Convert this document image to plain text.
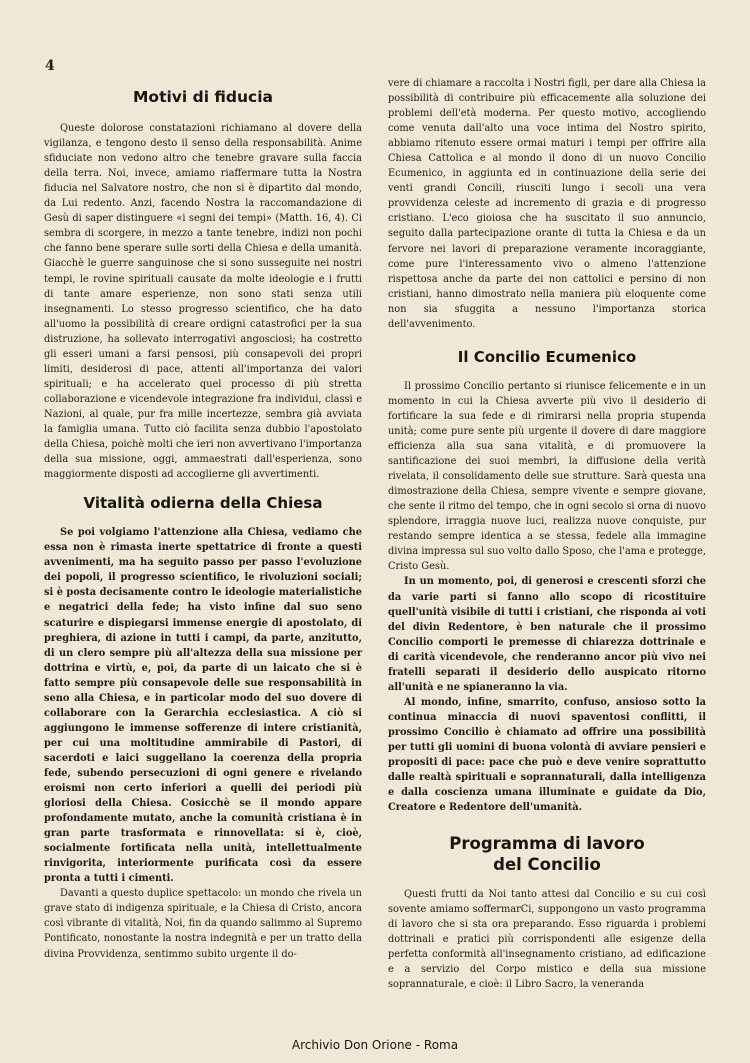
4
Motivi di fiducia

Queste dolorose constatazioni richiamano al dovere della vigilanza, e tengono desto il senso della responsabilità. Anime sfiduciate non vedono altro che tenebre gravare sulla faccia della terra. Noi, invece, amiamo riaffermare tutta la Nostra fiducia nel Salvatore nostro, che non si è dipartito dal mondo, da Lui redento. Anzi, facendo Nostra la raccomandazione di Gesù di saper distinguere «i segni dei tempi» (Matth. 16, 4). Ci sembra di scorgere, in mezzo a tante tenebre, indizi non pochi che fanno bene sperare sulle sorti della Chiesa e della umanità. Giacchè le guerre sanguinose che si sono susseguite nei nostri tempi, le rovine spirituali causate da molte ideologie e i frutti di tante amare esperienze, non sono stati senza utili insegnamenti. Lo stesso progresso scientifico, che ha dato all'uomo la possibilità di creare ordigni catastrofici per la sua distruzione, ha sollevato interrogativi angosciosi; ha costretto gli esseri umani a farsi pensosi, più consapevoli dei propri limiti, desiderosi di pace, attenti all'importanza dei valori spirituali; e ha accelerato quel processo di più stretta collaborazione e vicendevole integrazione fra individui, classi e Nazioni, al quale, pur fra mille incertezze, sembra già avviata la famiglia umana. Tutto ciò facilita senza dubbio l'apostolato della Chiesa, poichè molti che ieri non avvertivano l'importanza della sua missione, oggi, ammaestrati dall'esperienza, sono maggiormente disposti ad accoglierne gli avvertimenti.

Vitalità odierna della Chiesa

Se poi volgiamo l'attenzione alla Chiesa, vediamo che essa non è rimasta inerte spettatrice di fronte a questi avvenimenti, ma ha seguito passo per passo l'evoluzione dei popoli, il progresso scientifico, le rivoluzioni sociali; si è posta decisamente contro le ideologie materialistiche e negatrici della fede; ha visto infine dal suo seno scaturire e dispiegarsi immense energie di apostolato, di preghiera, di azione in tutti i campi, da parte, anzitutto, di un clero sempre più all'altezza della sua missione per dottrina e virtù, e, poi, da parte di un laicato che si è fatto sempre più consapevole delle sue responsabilità in seno alla Chiesa, e in particolar modo del suo dovere di collaborare con la Gerarchia ecclesiastica. A ciò si aggiungono le immense sofferenze di intere cristianità, per cui una moltitudine ammirabile di Pastori, di sacerdoti e laici suggellano la coerenza della propria fede, subendo persecuzioni di ogni genere e rivelando eroismi non certo inferiori a quelli dei periodi più gloriosi della Chiesa. Cosicchè se il mondo appare profondamente mutato, anche la comunità cristiana è in gran parte trasformata e rinnovellata: si è, cioè, socialmente fortificata nella unità, intellettualmente rinvigorita, interiormente purificata così da essere pronta a tutti i cimenti.

Davanti a questo duplice spettacolo: un mondo che rivela un grave stato di indigenza spirituale, e la Chiesa di Cristo, ancora così vibrante di vitalità, Noi, fin da quando salimmo al Supremo Pontificato, nonostante la nostra indegnità e per un tratto della divina Provvidenza, sentimmo subito urgente il do-

vere di chiamare a raccolta i Nostri figli, per dare alla Chiesa la possibilità di contribuire più efficacemente alla soluzione dei problemi dell'età moderna. Per questo motivo, accogliendo come venuta dall'alto una voce intima del Nostro spirito, abbiamo ritenuto essere ormai maturi i tempi per offrire alla Chiesa Cattolica e al mondo il dono di un nuovo Concilio Ecumenico, in aggiunta ed in continuazione della serie dei venti grandi Concili, riusciti lungo i secoli una vera provvidenza celeste ad incremento di grazia e di progresso cristiano. L'eco gioiosa che ha suscitato il suo annuncio, seguito dalla partecipazione orante di tutta la Chiesa e da un fervore nei lavori di preparazione veramente incoraggiante, come pure l'interessamento vivo o almeno l'attenzione rispettosa anche da parte dei non cattolici e persino di non cristiani, hanno dimostrato nella maniera più eloquente come non sia sfuggita a nessuno l'importanza storica dell'avvenimento.

Il Concilio Ecumenico

Il prossimo Concilio pertanto si riunisce felicemente e in un momento in cui la Chiesa avverte più vivo il desiderio di fortificare la sua fede e di rimirarsi nella propria stupenda unità; come pure sente più urgente il dovere di dare maggiore efficienza alla sua sana vitalità, e di promuovere la santificazione dei suoi membri, la diffusione della verità rivelata, il consolidamento delle sue strutture. Sarà questa una dimostrazione della Chiesa, sempre vivente e sempre giovane, che sente il ritmo del tempo, che in ogni secolo si orna di nuovo splendore, irraggia nuove luci, realizza nuove conquiste, pur restando sempre identica a se stessa, fedele alla immagine divina impressa sul suo volto dallo Sposo, che l'ama e protegge, Cristo Gesù.

In un momento, poi, di generosi e crescenti sforzi che da varie parti si fanno allo scopo di ricostituire quell'unità visibile di tutti i cristiani, che risponda ai voti del divin Redentore, è ben naturale che il prossimo Concilio comporti le premesse di chiarezza dottrinale e di carità vicendevole, che renderanno ancor più vivo nei fratelli separati il desiderio dello auspicato ritorno all'unità e ne spianeranno la via.

Al mondo, infine, smarrito, confuso, ansioso sotto la continua minaccia di nuovi spaventosi conflitti, il prossimo Concilio è chiamato ad offrire una possibilità per tutti gli uomini di buona volontà di avviare pensieri e propositi di pace: pace che può e deve venire soprattutto dalle realtà spirituali e soprannaturali, dalla intelligenza e dalla coscienza umana illuminate e guidate da Dio, Creatore e Redentore dell'umanità.

Programma di lavoro
del Concilio

Questi frutti da Noi tanto attesi dal Concilio e su cui così sovente amiamo soffermarCi, suppongono un vasto programma di lavoro che si sta ora preparando. Esso riguarda i problemi dottrinali e pratici più corrispondenti alle esigenze della perfetta conformità all'insegnamento cristiano, ad edificazione e a servizio del Corpo mistico e della sua missione soprannaturale, e cioè: il Libro Sacro, la veneranda

Archivio Don Orione - Roma
